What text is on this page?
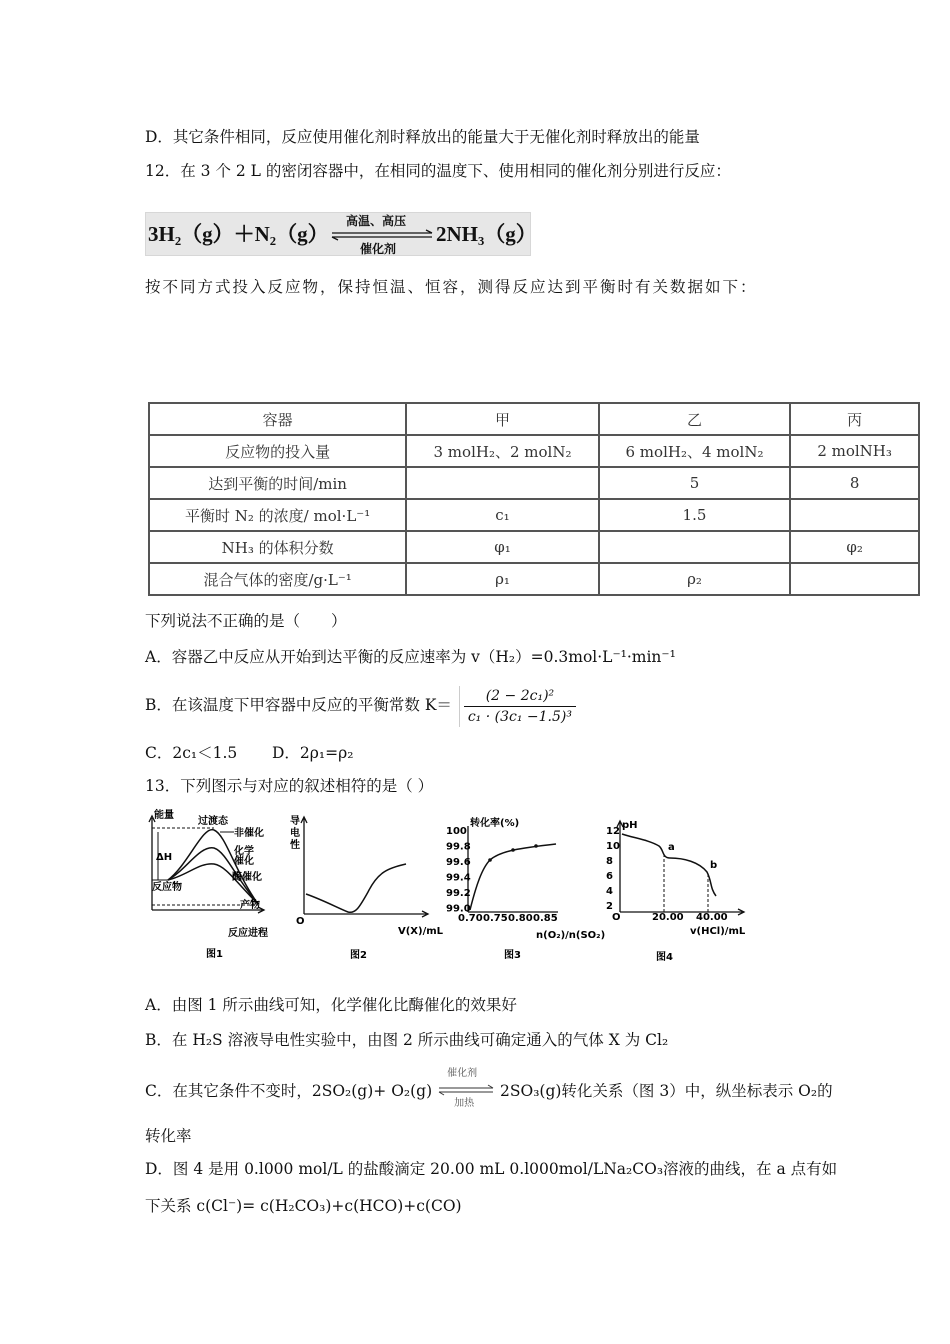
D．其它条件相同，反应使用催化剂时释放出的能量大于无催化剂时释放出的能量
12．在 3 个 2 L 的密闭容器中，在相同的温度下、使用相同的催化剂分别进行反应：
3H₂（g）＋N₂（g）
高温、高压
催化剂
2NH₃（g）
按不同方式投入反应物，保持恒温、恒容，测得反应达到平衡时有关数据如下：
容器	甲	乙	丙
反应物的投入量	3 molH₂、2 molN₂	6 molH₂、4 molN₂	2 molNH₃
达到平衡的时间/min		5	8
平衡时 N₂ 的浓度/ mol·L⁻¹	c₁	1.5	
NH₃ 的体积分数	φ₁		φ₂
混合气体的密度/g·L⁻¹	ρ₁	ρ₂	
下列说法不正确的是（　　）
A．容器乙中反应从开始到达平衡的反应速率为 v（H₂）=0.3mol·L⁻¹·min⁻¹
B．在该温度下甲容器中反应的平衡常数 $K= \frac{\text{(2 − 2c₁)²}}{\text{c₁ · (3c₁ −1.5)³}}$
C．2c₁＜1.5 D．2ρ₁=ρ₂
13．下列图示与对应的叙述相符的是（ ）
能量
过渡态
ΔH
反应物
非催化
化学
催化
酶催化
产物
反应进程
图1
导
电
性
O
V(X)/mL
图2
转化率(%)
100
99.8
99.6
99.4
99.2
99.0
0.70 0.75 0.80 0.85
n(O₂)/n(SO₂)
图3
pH
12
10
8
6
4
2
a
b
O	20.00 40.00
v(HCl)/mL
图4
A．由图 1 所示曲线可知，化学催化比酶催化的效果好
B．在 H₂S 溶液导电性实验中，由图 2 所示曲线可确定通入的气体 X 为 Cl₂
C．在其它条件不变时，2SO₂(g)+ O₂(g)
催化剂
加热
2SO₃(g)转化关系（图 3）中，纵坐标表示 O₂的
转化率
D．图 4 是用 0.l000 mol/L 的盐酸滴定 20.00 mL 0.l000mol/LNa₂CO₃溶液的曲线，在 a 点有如
下关系 c(Cl⁻)= c(H₂CO₃)+c(HCO)+c(CO)
